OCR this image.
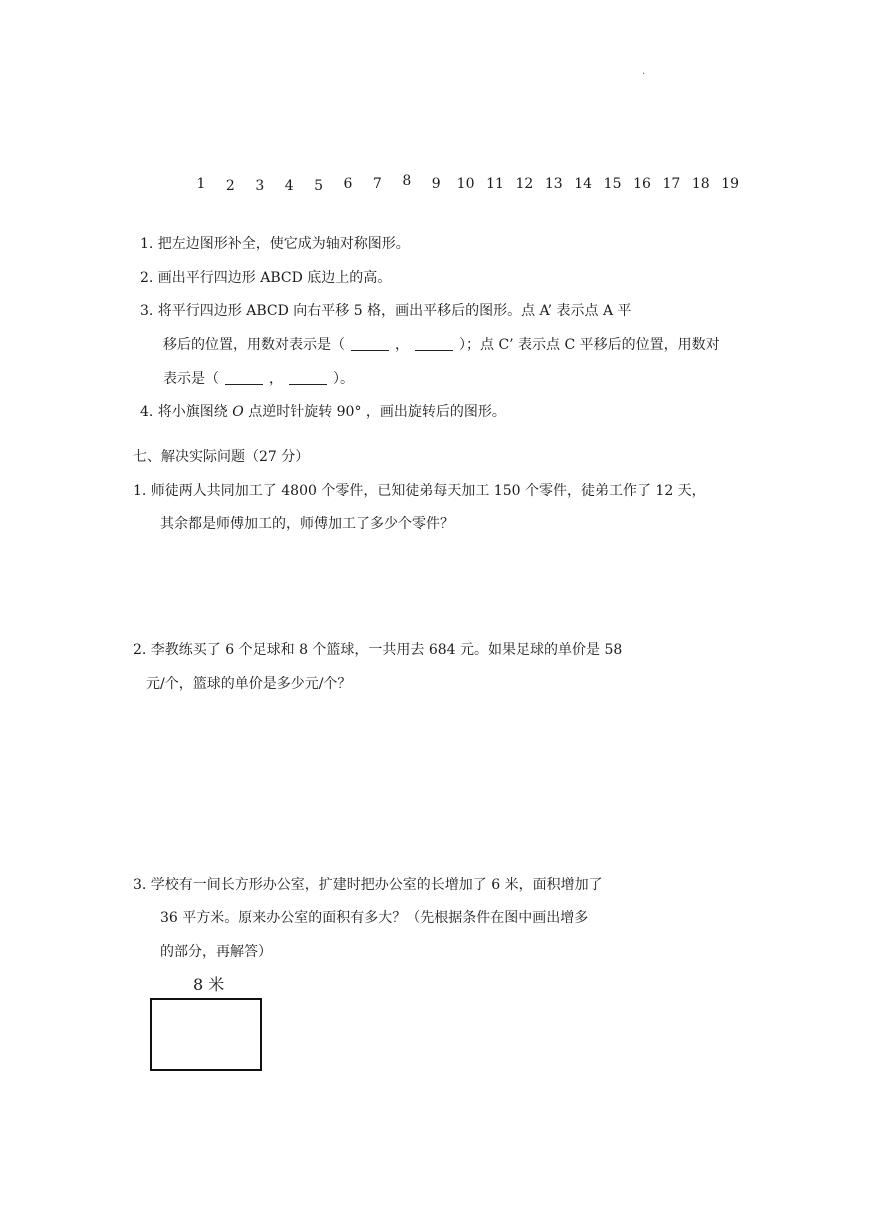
.
1 2 3 4 5 6 7 8 9 10 11 12 13 14 15 16 17 18 19
1. 把左边图形补全，使它成为轴对称图形。
2. 画出平行四边形 ABCD 底边上的高。
3. 将平行四边形 ABCD 向右平移 5 格，画出平移后的图形。点 A’ 表示点 A 平
移后的位置，用数对表示是（	，	）；点 C’ 表示点 C 平移后的位置，用数对
表示是（	，	）。
4. 将小旗图绕 O 点逆时针旋转 90° ，画出旋转后的图形。
七、解决实际问题（27 分）
1. 师徒两人共同加工了 4800 个零件，已知徒弟每天加工 150 个零件，徒弟工作了 12 天，
其余都是师傅加工的，师傅加工了多少个零件？
2. 李教练买了 6 个足球和 8 个篮球，一共用去 684 元。如果足球的单价是 58
元/个，篮球的单价是多少元/个？
3. 学校有一间长方形办公室，扩建时把办公室的长增加了 6 米，面积增加了
36 平方米。原来办公室的面积有多大？（先根据条件在图中画出增多
的部分，再解答）
8 米
